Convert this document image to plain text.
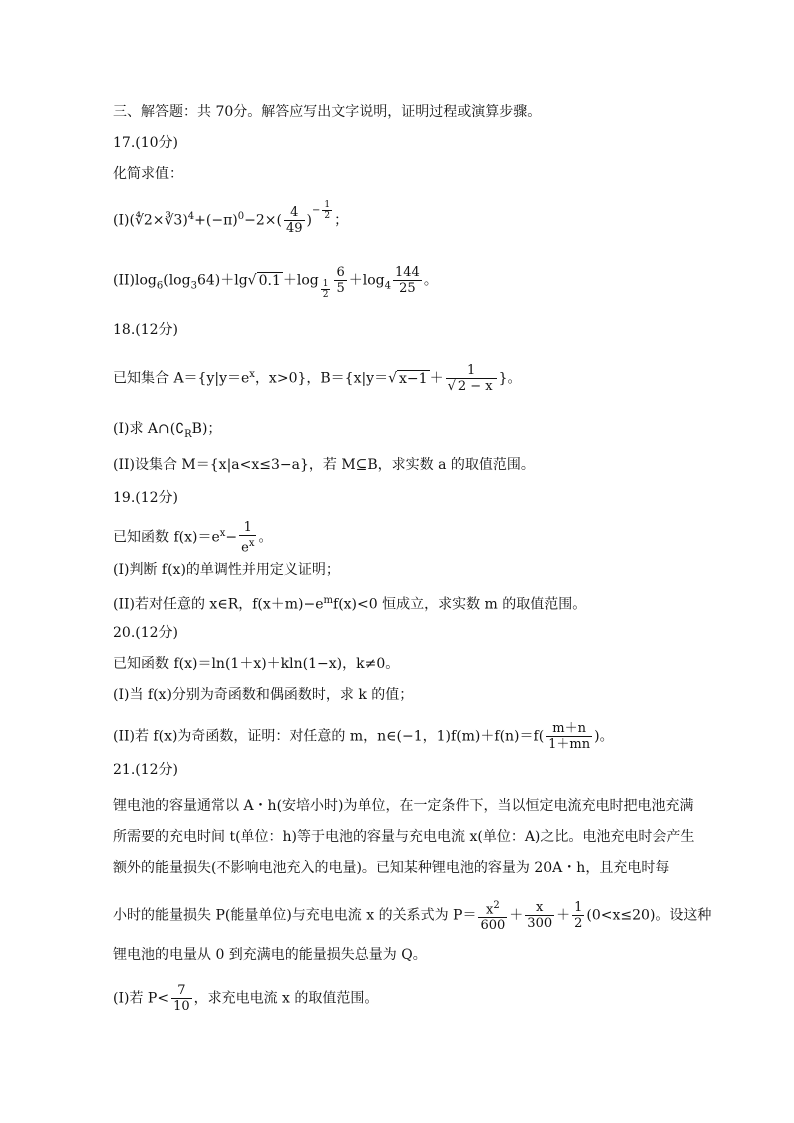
三、解答题：共 70分。解答应写出文字说明，证明过程或演算步骤。
17.(10分)
化简求值：
$(I)(∜2\times∛3)^4+(-\pi)^0-2\times( \frac{4}{49} )^{- \frac{1}{2}}$ ；
$(II)\log_6(\log_364)+\lg√$ $0.1 +\log \frac{1}{2} \frac{6}{5} +\log_4 \frac{144}{25}$ 。
18.(12分)
已知集合 $A=\{y|y=e^x$，x>0}，B＝{x|y＝√ $x-1 + \frac{1}{√ 2 - x}$ }。
(I)求 $A\cap(∁_RB)$；
(II)设集合 M＝{x|a<x≤3−a}，若 M⊆B，求实数 a 的取值范围。
19.(12分)
已知函数 $f(x)=e^x- \frac{1}{e^x}$ 。
(I)判断 f(x)的单调性并用定义证明；
(II)若对任意的 x∈R，$f(x+m)-e^mf(x)<0$ 恒成立，求实数 m 的取值范围。
20.(12分)
已知函数 f(x)＝ln(1＋x)＋kln(1−x)，k≠0。
(I)当 f(x)分别为奇函数和偶函数时，求 k 的值；
(II)若 f(x)为奇函数，证明：对任意的 m，n∈(−1，$1)f(m)+f(n)=f( \frac{m+n}{1+mn}$ )。
21.(12分)
锂电池的容量通常以 A・h(安培小时)为单位，在一定条件下，当以恒定电流充电时把电池充满所需要的充电时间 t(单位：h)等于电池的容量与充电电流 x(单位：A)之比。电池充电时会产生额外的能量损失(不影响电池充入的电量)。已知某种锂电池的容量为 20A・h，且充电时每
小时的能量损失 P(能量单位)与充电电流 x 的关系式为 $P= \frac{x^2}{600} + \frac{x}{300} + \frac{1}{2} (0<x\le 20)$。设这种
锂电池的电量从 0 到充满电的能量损失总量为 Q。
(I)若 $P< \frac{7}{10}$ ，求充电电流 x 的取值范围。
